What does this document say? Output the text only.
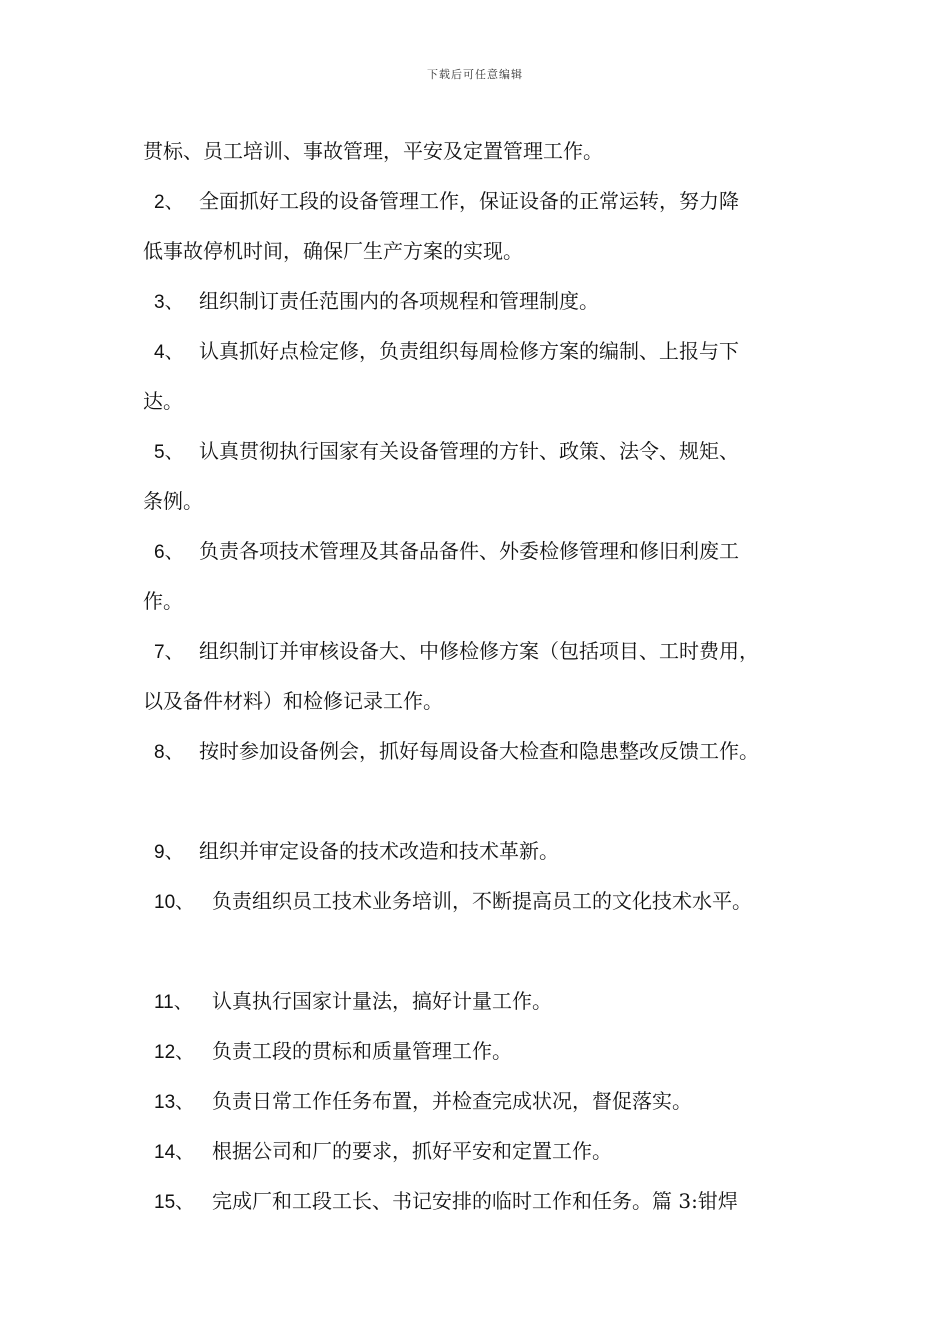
下载后可任意编辑
贯标、员工培训、事故管理，平安及定置管理工作。
2、 全面抓好工段的设备管理工作，保证设备的正常运转，努力降
低事故停机时间，确保厂生产方案的实现。
3、 组织制订责任范围内的各项规程和管理制度。
4、 认真抓好点检定修，负责组织每周检修方案的编制、上报与下
达。
5、 认真贯彻执行国家有关设备管理的方针、政策、法令、规矩、
条例。
6、 负责各项技术管理及其备品备件、外委检修管理和修旧利废工
作。
7、 组织制订并审核设备大、中修检修方案（包括项目、工时费用，
以及备件材料）和检修记录工作。
8、 按时参加设备例会，抓好每周设备大检查和隐患整改反馈工作。
9、 组织并审定设备的技术改造和技术革新。
10、 负责组织员工技术业务培训，不断提高员工的文化技术水平。
11、 认真执行国家计量法，搞好计量工作。
12、 负责工段的贯标和质量管理工作。
13、 负责日常工作任务布置，并检查完成状况，督促落实。
14、 根据公司和厂的要求，抓好平安和定置工作。
15、 完成厂和工段工长、书记安排的临时工作和任务。篇 3:钳焊
